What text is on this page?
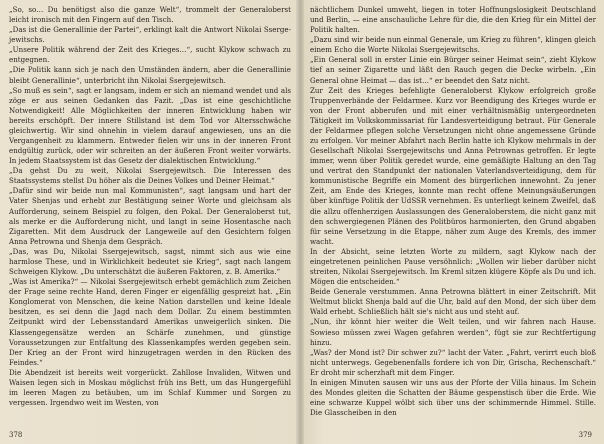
„So, so… Du benötigst also die ganze Welt“, trommelt der Generaloberst leicht ironisch mit den Fingern auf den Tisch.

„Das ist die Generallinie der Partei“, erklingt kalt die Antwort Nikolai Ssergejewitschs.

„Unsere Politik während der Zeit des Krieges…“, sucht Klykow schwach zu entgegnen.

„Die Politik kann sich je nach den Umständen ändern, aber die Generallinie bleibt Generallinie“, unterbricht ihn Nikolai Ssergejewitsch.

„So muß es sein“, sagt er langsam, indem er sich an niemand wendet und als zöge er aus seinen Gedanken das Fazit. „Das ist eine geschichtliche Notwendigkeit! Alle Möglichkeiten der inneren Entwicklung haben wir bereits erschöpft. Der innere Stillstand ist dem Tod vor Altersschwäche gleichwertig. Wir sind ohnehin in vielem darauf angewiesen, uns an die Vergangenheit zu klammern. Entweder fielen wir uns in der inneren Front endgültig zurück, oder wir schreiten an der äußeren Front weiter vorwärts. In jedem Staatssystem ist das Gesetz der dialektischen Entwicklung.“

„Da gehst Du zu weit, Nikolai Ssergejewitsch. Die Interessen des Staatssystems stellst Du höher als die Deines Volkes und Deiner Heimat.“

„Dafür sind wir beide nun mal Kommunisten“, sagt langsam und hart der Vater Shenjas und erhebt zur Bestätigung seiner Worte und gleichsam als Aufforderung, seinem Beispiel zu folgen, den Pokal. Der Generaloberst tut, als merke er die Aufforderung nicht, und langt in seine Hosentasche nach Zigaretten. Mit dem Ausdruck der Langeweile auf den Gesichtern folgen Anna Petrowna und Shenja dem Gespräch.

„Das, was Du, Nikolai Ssergejewitsch, sagst, nimmt sich aus wie eine harmlose These, und in Wirklichkeit bedeutet sie Krieg“, sagt nach langem Schweigen Klykow. „Du unterschätzt die äußeren Faktoren, z. B. Amerika.“

„Was ist Amerika?“ — Nikolai Ssergejewitsch erhebt gemächlich zum Zeichen der Frage seine rechte Hand, deren Finger er eigenfällig gespreizt hat. „Ein Konglomerat von Menschen, die keine Nation darstellen und keine Ideale besitzen, es sei denn die Jagd nach dem Dollar. Zu einem bestimmten Zeitpunkt wird der Lebensstandard Amerikas unweigerlich sinken. Die Klassengegensätze werden an Schärfe zunehmen, und günstige Voraussetzungen zur Entfaltung des Klassenkampfes werden gegeben sein. Der Krieg an der Front wird hinzugetragen werden in den Rücken des Feindes.“

Die Abendzeit ist bereits weit vorgerückt. Zahllose Invaliden, Witwen und Waisen legen sich in Moskau möglichst früh ins Bett, um das Hungergefühl im leeren Magen zu betäuben, um im Schlaf Kummer und Sorgen zu vergessen. Irgendwo weit im Westen, von

378

nächtlichem Dunkel umweht, liegen in toter Hoffnungslosigkeit Deutschland und Berlin, — eine anschauliche Lehre für die, die den Krieg für ein Mittel der Politik halten.

„Dazu sind wir beide nun einmal Generale, um Krieg zu führen“, klingen gleich einem Echo die Worte Nikolai Ssergejewitschs.

„Ein General soll in erster Linie ein Bürger seiner Heimat sein“, zieht Klykow tief an seiner Zigarette und läßt den Rauch gegen die Decke wirbeln. „Ein General ohne Heimat — das ist…“ er beendet den Satz nicht.

Zur Zeit des Krieges befehligte Generaloberst Klykow erfolgreich große Truppenverbände der Feldarmee. Kurz vor Beendigung des Krieges wurde er von der Front abberufen und mit einer verhältnismäßig untergeordneten Tätigkeit im Volkskommissariat für Landesverteidigung betraut. Für Generale der Feldarmee pflegen solche Versetzungen nicht ohne angemessene Gründe zu erfolgen. Vor meiner Abfahrt nach Berlin hatte ich Klykow mehrmals in der Gesellschaft Nikolai Ssergejewitschs und Anna Petrownas getroffen. Er legte immer, wenn über Politik geredet wurde, eine gemäßigte Haltung an den Tag und vertrat den Standpunkt der nationalen Vaterlandsverteidigung, dem für kommunistische Begriffe ein Moment des bürgerlichen innewohnt. Zu jener Zeit, am Ende des Krieges, konnte man recht offene Meinungsäußerungen über künftige Politik der UdSSR vernehmen. Es unterliegt keinem Zweifel, daß die allzu offenherzigen Auslassungen des Generaloberstem, die nicht ganz mit den schwergiegenen Plänen des Politbüros harmonierten, den Grund abgaben für seine Versetzung in die Etappe, näher zum Auge des Kremls, des immer wacht.

In der Absicht, seine letzten Worte zu mildern, sagt Klykow nach der eingetretenen peinlichen Pause versöhnlich: „Wollen wir lieber darüber nicht streiten, Nikolai Ssergejewitsch. Im Kreml sitzen klügere Köpfe als Du und ich. Mögen die entscheiden.“

Beide Generale verstummen. Anna Petrowna blättert in einer Zeitschrift. Mit Weltmut blickt Shenja bald auf die Uhr, bald auf den Mond, der sich über dem Wald erhebt. Schließlich hält sie's nicht aus und steht auf.

„Nun, ihr könnt hier weiter die Welt teilen, und wir fahren nach Hause. Sowieso müssen zwei Wagen gefahren werden“, fügt sie zur Rechtfertigung hinzu.

„Was? der Mond ist? Dir schwer zu?“ lacht der Vater. „Fahrt, verirrt euch bloß nicht unterwegs. Gegebenenfalls fordere ich von Dir, Grischa, Rechenschaft.“ Er droht mir scherzhaft mit dem Finger.

In einigen Minuten sausen wir uns aus der Pforte der Villa hinaus. Im Schein des Mondes gleiten die Schatten der Bäume gespenstisch über die Erde. Wie eine schwarze Kuppel wölbt sich über uns der schimmernde Himmel. Stille. Die Glasscheiben in den

379
